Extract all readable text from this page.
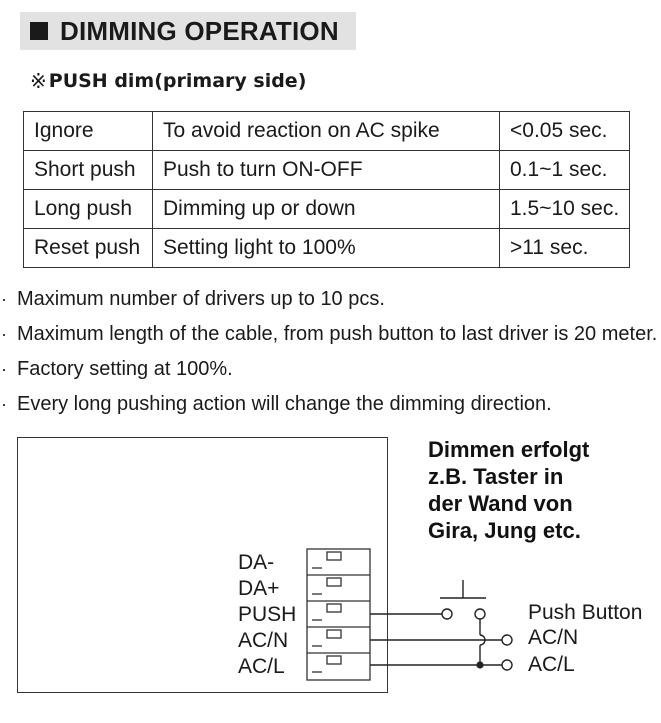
DIMMING OPERATION
※ PUSH dim(primary side)
Ignore	To avoid reaction on AC spike	<0.05 sec.
Short push	Push to turn ON-OFF	0.1~1 sec.
Long push	Dimming up or down	1.5~10 sec.
Reset push	Setting light to 100%	>11 sec.
· Maximum number of drivers up to 10 pcs.
· Maximum length of the cable, from push button to last driver is 20 meter.
· Factory setting at 100%.
· Every long pushing action will change the dimming direction.
Dimmen erfolgt
z.B. Taster in
der Wand von
Gira, Jung etc.
DA-
DA+
PUSH
AC/N
AC/L
Push Button
AC/N
AC/L
